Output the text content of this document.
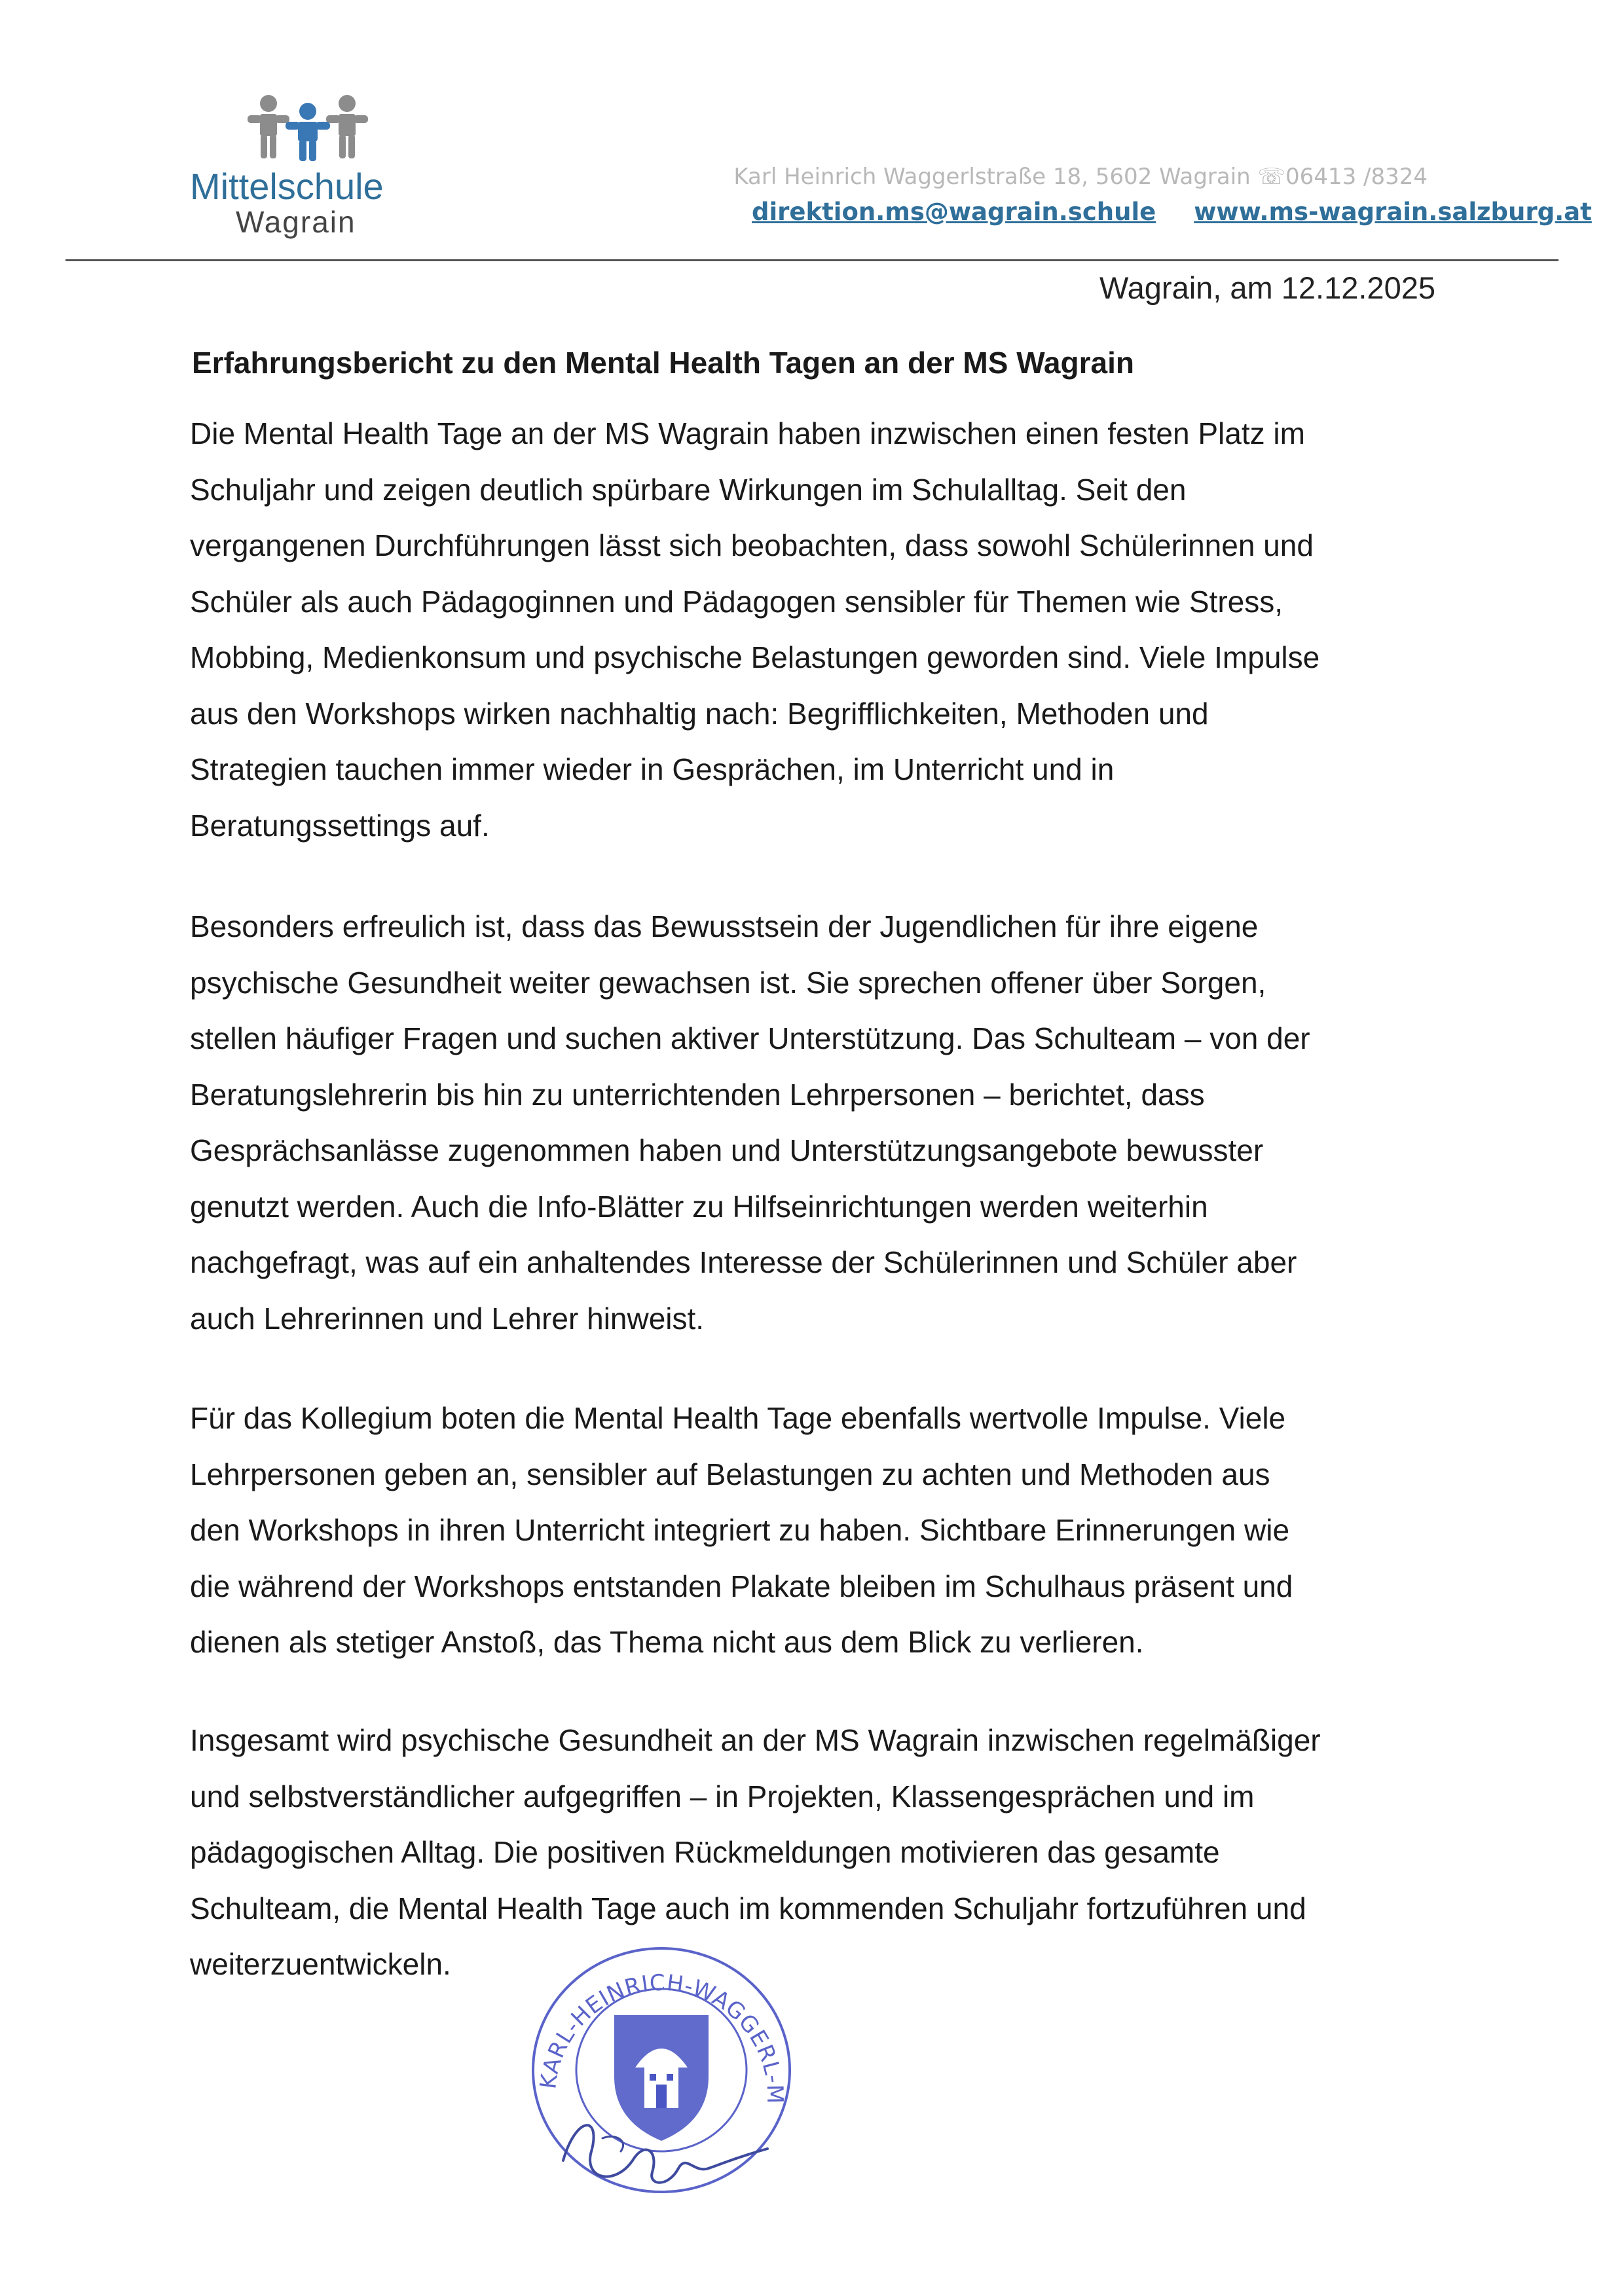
Mittelschule
Wagrain
Karl Heinrich Waggerlstraße 18, 5602 Wagrain ☏06413 /8324
direktion.ms@wagrain.schule www.ms-wagrain.salzburg.at
Wagrain, am 12.12.2025
Erfahrungsbericht zu den Mental Health Tagen an der MS Wagrain
Die Mental Health Tage an der MS Wagrain haben inzwischen einen festen Platz im
Schuljahr und zeigen deutlich spürbare Wirkungen im Schulalltag. Seit den
vergangenen Durchführungen lässt sich beobachten, dass sowohl Schülerinnen und
Schüler als auch Pädagoginnen und Pädagogen sensibler für Themen wie Stress,
Mobbing, Medienkonsum und psychische Belastungen geworden sind. Viele Impulse
aus den Workshops wirken nachhaltig nach: Begrifflichkeiten, Methoden und
Strategien tauchen immer wieder in Gesprächen, im Unterricht und in
Beratungssettings auf.
Besonders erfreulich ist, dass das Bewusstsein der Jugendlichen für ihre eigene
psychische Gesundheit weiter gewachsen ist. Sie sprechen offener über Sorgen,
stellen häufiger Fragen und suchen aktiver Unterstützung. Das Schulteam – von der
Beratungslehrerin bis hin zu unterrichtenden Lehrpersonen – berichtet, dass
Gesprächsanlässe zugenommen haben und Unterstützungsangebote bewusster
genutzt werden. Auch die Info-Blätter zu Hilfseinrichtungen werden weiterhin
nachgefragt, was auf ein anhaltendes Interesse der Schülerinnen und Schüler aber
auch Lehrerinnen und Lehrer hinweist.
Für das Kollegium boten die Mental Health Tage ebenfalls wertvolle Impulse. Viele
Lehrpersonen geben an, sensibler auf Belastungen zu achten und Methoden aus
den Workshops in ihren Unterricht integriert zu haben. Sichtbare Erinnerungen wie
die während der Workshops entstanden Plakate bleiben im Schulhaus präsent und
dienen als stetiger Anstoß, das Thema nicht aus dem Blick zu verlieren.
Insgesamt wird psychische Gesundheit an der MS Wagrain inzwischen regelmäßiger
und selbstverständlicher aufgegriffen – in Projekten, Klassengesprächen und im
pädagogischen Alltag. Die positiven Rückmeldungen motivieren das gesamte
Schulteam, die Mental Health Tage auch im kommenden Schuljahr fortzuführen und
weiterzuentwickeln.
KARL-HEINRICH-WAGGERL-M
